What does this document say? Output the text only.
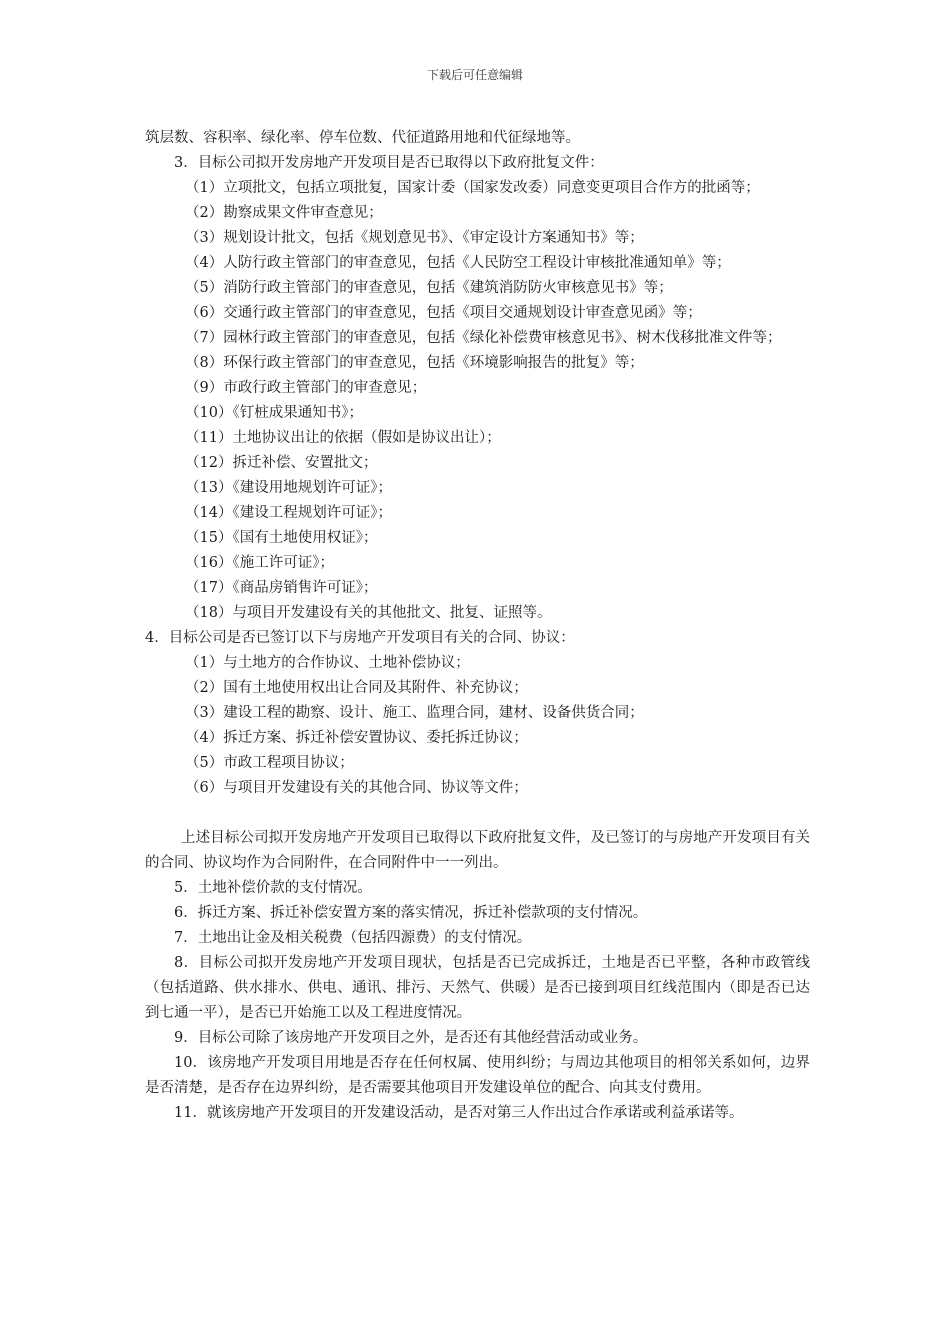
下载后可任意编辑

筑层数、容积率、绿化率、停车位数、代征道路用地和代征绿地等。

3．目标公司拟开发房地产开发项目是否已取得以下政府批复文件：

（1）立项批文，包括立项批复，国家计委（国家发改委）同意变更项目合作方的批函等；

（2）勘察成果文件审查意见；

（3）规划设计批文，包括《规划意见书》、《审定设计方案通知书》等；

（4）人防行政主管部门的审查意见，包括《人民防空工程设计审核批准通知单》等；

（5）消防行政主管部门的审查意见，包括《建筑消防防火审核意见书》等；

（6）交通行政主管部门的审查意见，包括《项目交通规划设计审查意见函》等；

（7）园林行政主管部门的审查意见，包括《绿化补偿费审核意见书》、树木伐移批准文件等；

（8）环保行政主管部门的审查意见，包括《环境影响报告的批复》等；

（9）市政行政主管部门的审查意见；

（10）《钉桩成果通知书》；

（11）土地协议出让的依据（假如是协议出让）；

（12）拆迁补偿、安置批文；

（13）《建设用地规划许可证》；

（14）《建设工程规划许可证》；

（15）《国有土地使用权证》；

（16）《施工许可证》；

（17）《商品房销售许可证》；

（18）与项目开发建设有关的其他批文、批复、证照等。

4．目标公司是否已签订以下与房地产开发项目有关的合同、协议：

（1）与土地方的合作协议、土地补偿协议；

（2）国有土地使用权出让合同及其附件、补充协议；

（3）建设工程的勘察、设计、施工、监理合同，建材、设备供货合同；

（4）拆迁方案、拆迁补偿安置协议、委托拆迁协议；

（5）市政工程项目协议；

（6）与项目开发建设有关的其他合同、协议等文件；

上述目标公司拟开发房地产开发项目已取得以下政府批复文件，及已签订的与房地产开发项目有关的合同、协议均作为合同附件，在合同附件中一一列出。

5．土地补偿价款的支付情况。

6．拆迁方案、拆迁补偿安置方案的落实情况，拆迁补偿款项的支付情况。

7．土地出让金及相关税费（包括四源费）的支付情况。

8．目标公司拟开发房地产开发项目现状，包括是否已完成拆迁，土地是否已平整，各种市政管线（包括道路、供水排水、供电、通讯、排污、天然气、供暖）是否已接到项目红线范围内（即是否已达到七通一平），是否已开始施工以及工程进度情况。

9．目标公司除了该房地产开发项目之外，是否还有其他经营活动或业务。

10．该房地产开发项目用地是否存在任何权属、使用纠纷；与周边其他项目的相邻关系如何，边界是否清楚，是否存在边界纠纷，是否需要其他项目开发建设单位的配合、向其支付费用。

11．就该房地产开发项目的开发建设活动，是否对第三人作出过合作承诺或利益承诺等。
